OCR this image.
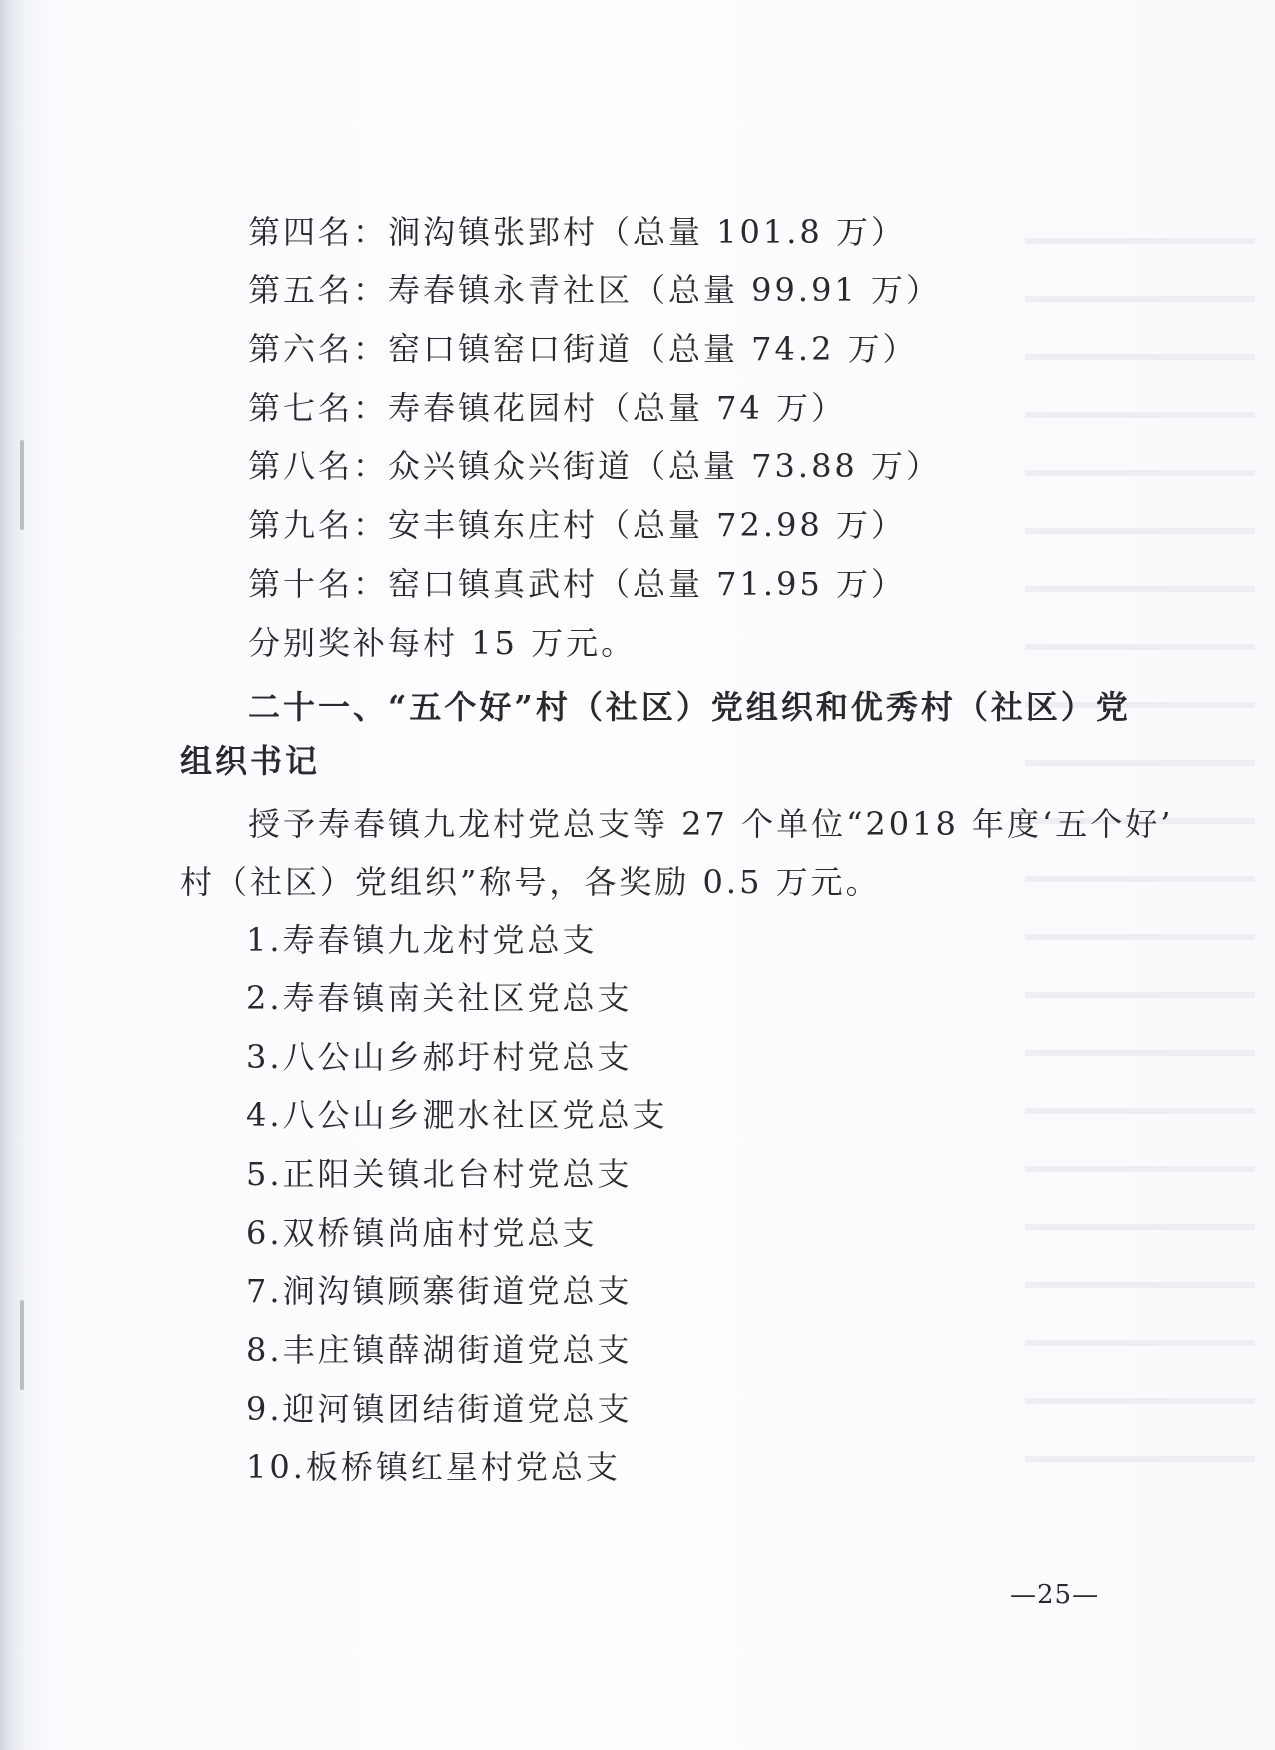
第四名：涧沟镇张郢村（总量 101.8 万）
第五名：寿春镇永青社区（总量 99.91 万）
第六名：窑口镇窑口街道（总量 74.2 万）
第七名：寿春镇花园村（总量 74 万）
第八名：众兴镇众兴街道（总量 73.88 万）
第九名：安丰镇东庄村（总量 72.98 万）
第十名：窑口镇真武村（总量 71.95 万）
分别奖补每村 15 万元。
二十一、“五个好”村（社区）党组织和优秀村（社区）党
组织书记
授予寿春镇九龙村党总支等 27 个单位“2018 年度‘五个好’
村（社区）党组织”称号，各奖励 0.5 万元。
1.寿春镇九龙村党总支
2.寿春镇南关社区党总支
3.八公山乡郝圩村党总支
4.八公山乡淝水社区党总支
5.正阳关镇北台村党总支
6.双桥镇尚庙村党总支
7.涧沟镇顾寨街道党总支
8.丰庄镇薛湖街道党总支
9.迎河镇团结街道党总支
10.板桥镇红星村党总支
—25—
